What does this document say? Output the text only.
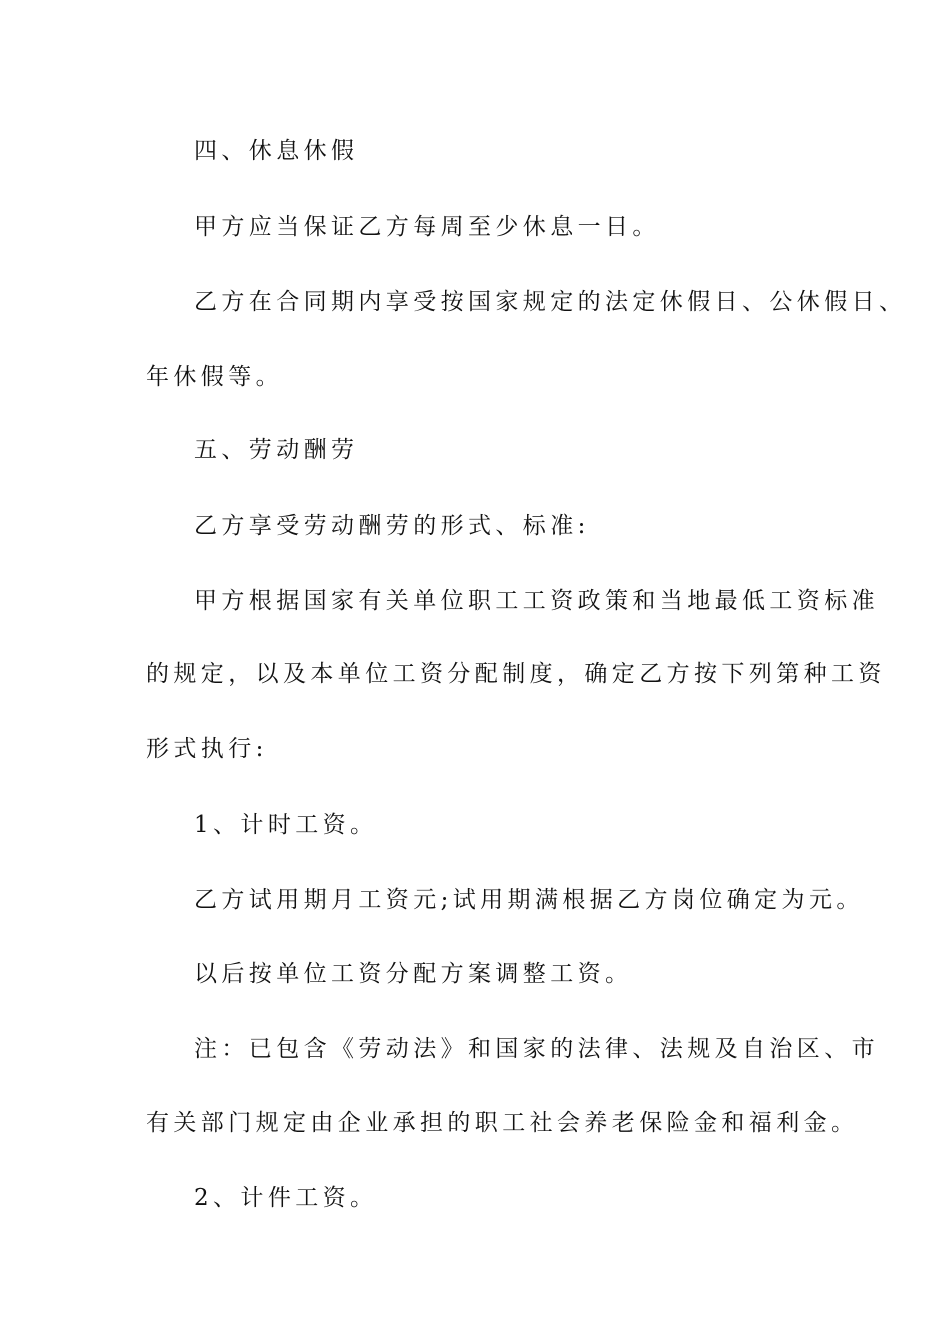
四、休息休假
甲方应当保证乙方每周至少休息一日。
乙方在合同期内享受按国家规定的法定休假日、公休假日、
年休假等。
五、劳动酬劳
乙方享受劳动酬劳的形式、标准:
甲方根据国家有关单位职工工资政策和当地最低工资标准
的规定，以及本单位工资分配制度，确定乙方按下列第种工资
形式执行:
1、计时工资。
乙方试用期月工资元;试用期满根据乙方岗位确定为元。
以后按单位工资分配方案调整工资。
注：已包含《劳动法》和国家的法律、法规及自治区、市
有关部门规定由企业承担的职工社会养老保险金和福利金。
2、计件工资。
